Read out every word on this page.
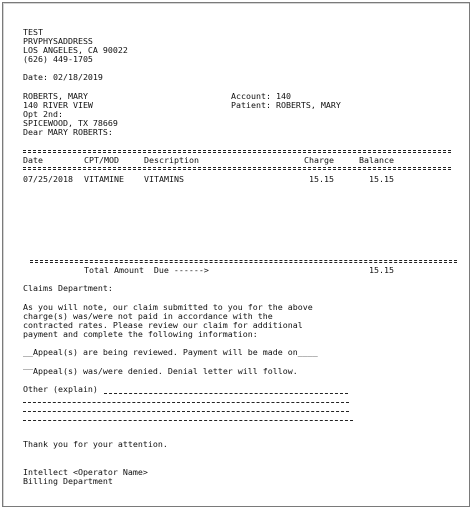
TEST
PRVPHYSADDRESS
LOS ANGELES, CA 90022
(626) 449-1705
Date: 02/18/2019
ROBERTS, MARY
140 RIVER VIEW
Opt 2nd:
SPICEWOOD, TX 78669
Dear MARY ROBERTS:
Account: 140
Patient: ROBERTS, MARY
Date	CPT/MOD	Description	Charge	Balance
07/25/2018 VITAMINE VITAMINS	15.15	15.15
Total Amount  Due ------>	15.15
Claims Department:
As you will note, our claim submitted to you for the above
charge(s) was/were not paid in accordance with the
contracted rates. Please review our claim for additional
payment and complete the following information:
__Appeal(s) are being reviewed. Payment will be made on____
__
Appeal(s) was/were denied. Denial letter will follow.
Other (explain)
Thank you for your attention.
Intellect <Operator Name>
Billing Department
